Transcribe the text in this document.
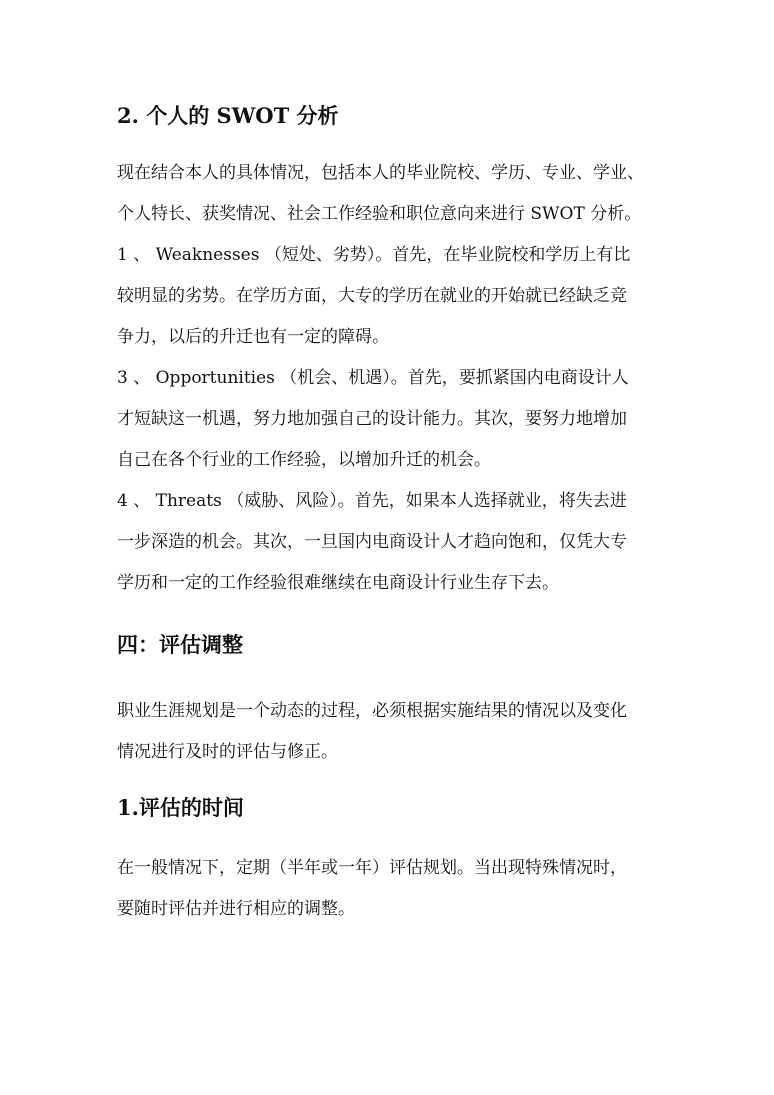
2. 个人的 SWOT 分析
现在结合本人的具体情况，包括本人的毕业院校、学历、专业、学业、
个人特长、获奖情况、社会工作经验和职位意向来进行 SWOT 分析。
1 、 Weaknesses （短处、劣势）。首先，在毕业院校和学历上有比
较明显的劣势。在学历方面，大专的学历在就业的开始就已经缺乏竞
争力，以后的升迁也有一定的障碍。
3 、 Opportunities （机会、机遇）。首先，要抓紧国内电商设计人
才短缺这一机遇，努力地加强自己的设计能力。其次，要努力地增加
自己在各个行业的工作经验，以增加升迁的机会。
4 、 Threats （威胁、风险）。首先，如果本人选择就业，将失去进
一步深造的机会。其次，一旦国内电商设计人才趋向饱和，仅凭大专
学历和一定的工作经验很难继续在电商设计行业生存下去。
四：评估调整
职业生涯规划是一个动态的过程，必须根据实施结果的情况以及变化
情况进行及时的评估与修正。
1.评估的时间
在一般情况下，定期（半年或一年）评估规划。当出现特殊情况时，
要随时评估并进行相应的调整。
